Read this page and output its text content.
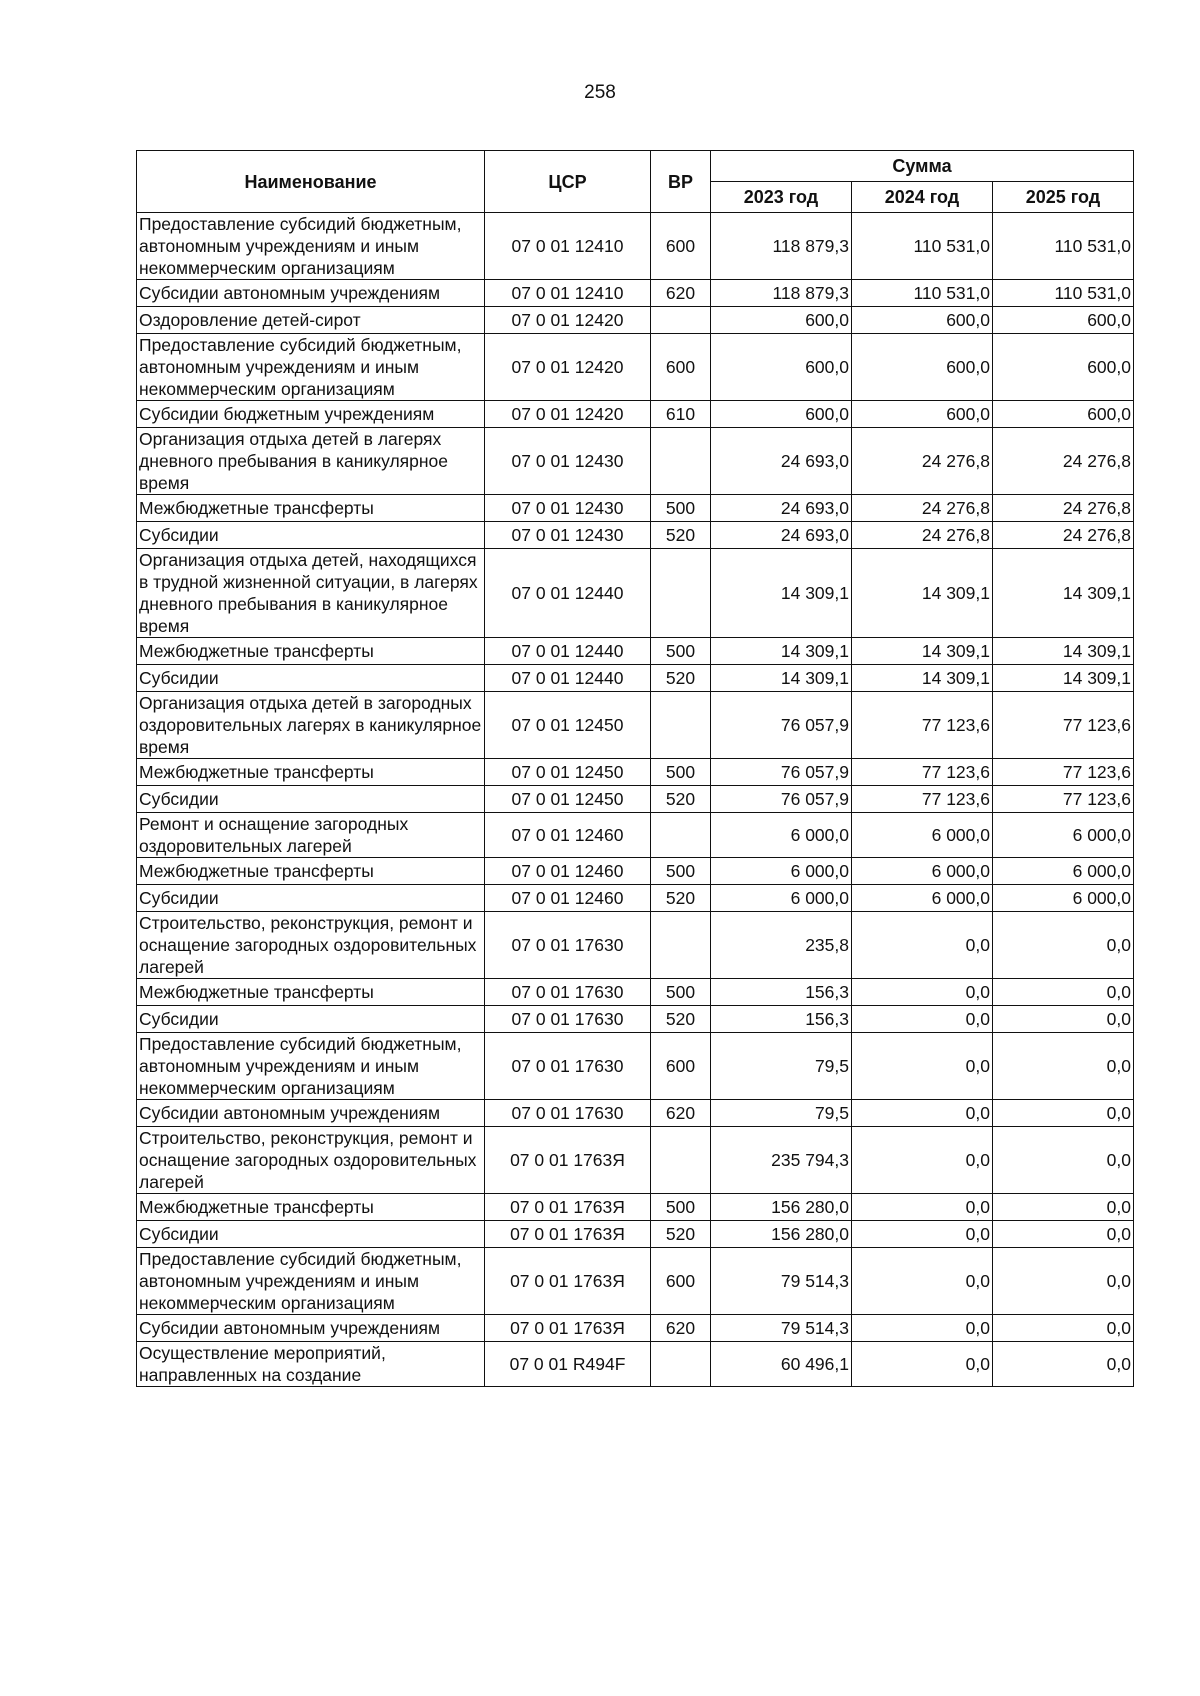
258
Наименование	ЦСР	ВР	Сумма		
			2023 год	2024 год	2025 год
Предоставление субсидий бюджетным, автономным учреждениям и иным некоммерческим организациям	07 0 01 12410	600	118 879,3	110 531,0	110 531,0
Субсидии автономным учреждениям	07 0 01 12410	620	118 879,3	110 531,0	110 531,0
Оздоровление детей-сирот	07 0 01 12420		600,0	600,0	600,0
Предоставление субсидий бюджетным, автономным учреждениям и иным некоммерческим организациям	07 0 01 12420	600	600,0	600,0	600,0
Субсидии бюджетным учреждениям	07 0 01 12420	610	600,0	600,0	600,0
Организация отдыха детей в лагерях дневного пребывания в каникулярное время	07 0 01 12430		24 693,0	24 276,8	24 276,8
Межбюджетные трансферты	07 0 01 12430	500	24 693,0	24 276,8	24 276,8
Субсидии	07 0 01 12430	520	24 693,0	24 276,8	24 276,8
Организация отдыха детей, находящихся в трудной жизненной ситуации, в лагерях дневного пребывания в каникулярное время	07 0 01 12440		14 309,1	14 309,1	14 309,1
Межбюджетные трансферты	07 0 01 12440	500	14 309,1	14 309,1	14 309,1
Субсидии	07 0 01 12440	520	14 309,1	14 309,1	14 309,1
Организация отдыха детей в загородных оздоровительных лагерях в каникулярное время	07 0 01 12450		76 057,9	77 123,6	77 123,6
Межбюджетные трансферты	07 0 01 12450	500	76 057,9	77 123,6	77 123,6
Субсидии	07 0 01 12450	520	76 057,9	77 123,6	77 123,6
Ремонт и оснащение загородных оздоровительных лагерей	07 0 01 12460		6 000,0	6 000,0	6 000,0
Межбюджетные трансферты	07 0 01 12460	500	6 000,0	6 000,0	6 000,0
Субсидии	07 0 01 12460	520	6 000,0	6 000,0	6 000,0
Строительство, реконструкция, ремонт и оснащение загородных оздоровительных лагерей	07 0 01 17630		235,8	0,0	0,0
Межбюджетные трансферты	07 0 01 17630	500	156,3	0,0	0,0
Субсидии	07 0 01 17630	520	156,3	0,0	0,0
Предоставление субсидий бюджетным, автономным учреждениям и иным некоммерческим организациям	07 0 01 17630	600	79,5	0,0	0,0
Субсидии автономным учреждениям	07 0 01 17630	620	79,5	0,0	0,0
Строительство, реконструкция, ремонт и оснащение загородных оздоровительных лагерей	07 0 01 1763Я		235 794,3	0,0	0,0
Межбюджетные трансферты	07 0 01 1763Я	500	156 280,0	0,0	0,0
Субсидии	07 0 01 1763Я	520	156 280,0	0,0	0,0
Предоставление субсидий бюджетным, автономным учреждениям и иным некоммерческим организациям	07 0 01 1763Я	600	79 514,3	0,0	0,0
Субсидии автономным учреждениям	07 0 01 1763Я	620	79 514,3	0,0	0,0
Осуществление мероприятий, направленных на создание	07 0 01 R494F		60 496,1	0,0	0,0
